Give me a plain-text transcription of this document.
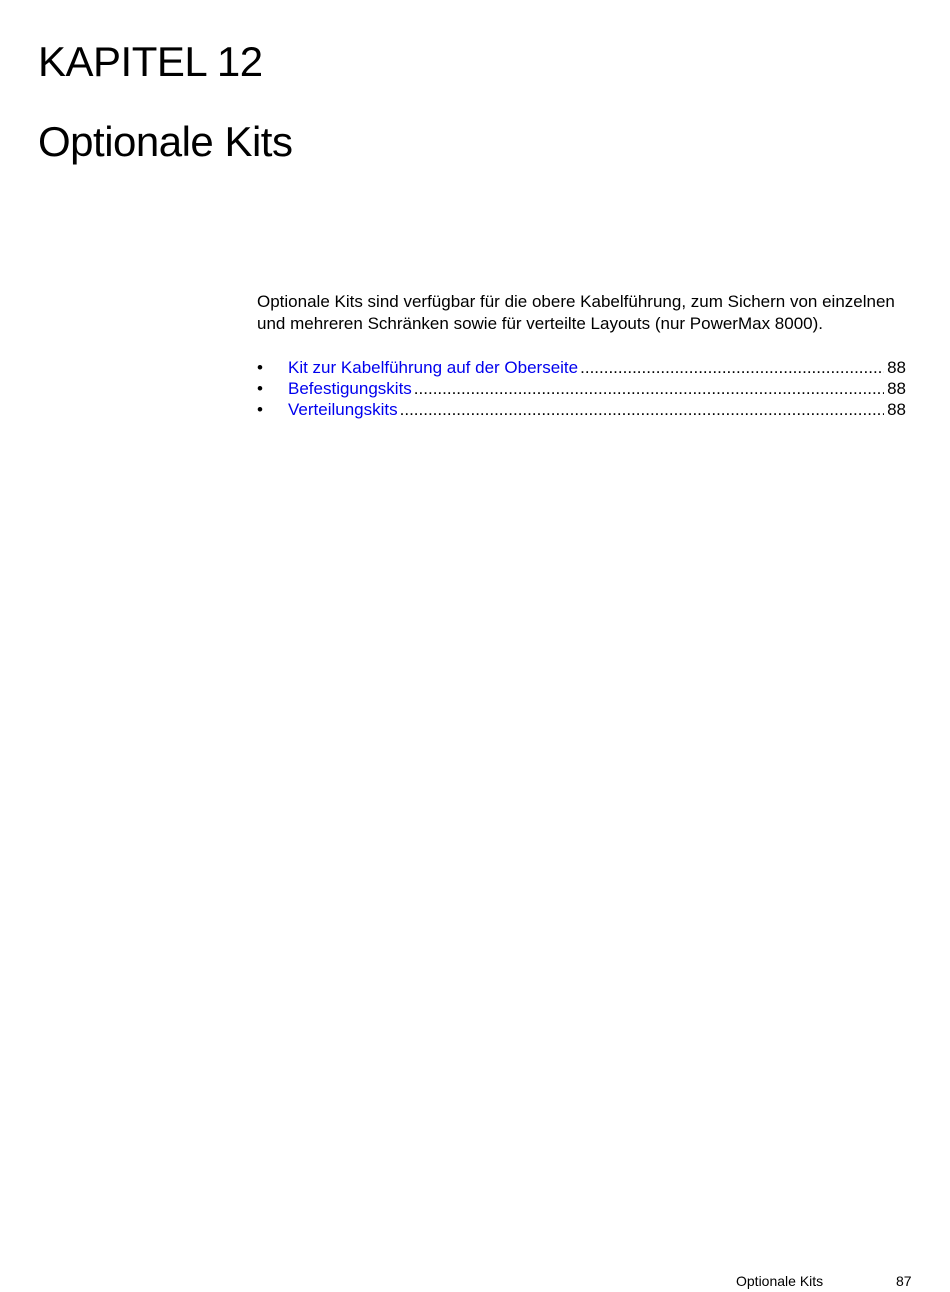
KAPITEL 12
Optionale Kits

Optionale Kits sind verfügbar für die obere Kabelführung, zum Sichern von einzelnen und mehreren Schränken sowie für verteilte Layouts (nur PowerMax 8000).

•	Kit zur Kabelführung auf der Oberseite .....	88
•	Befestigungskits .....	88
•	Verteilungskits .....	88
Optionale Kits	87
